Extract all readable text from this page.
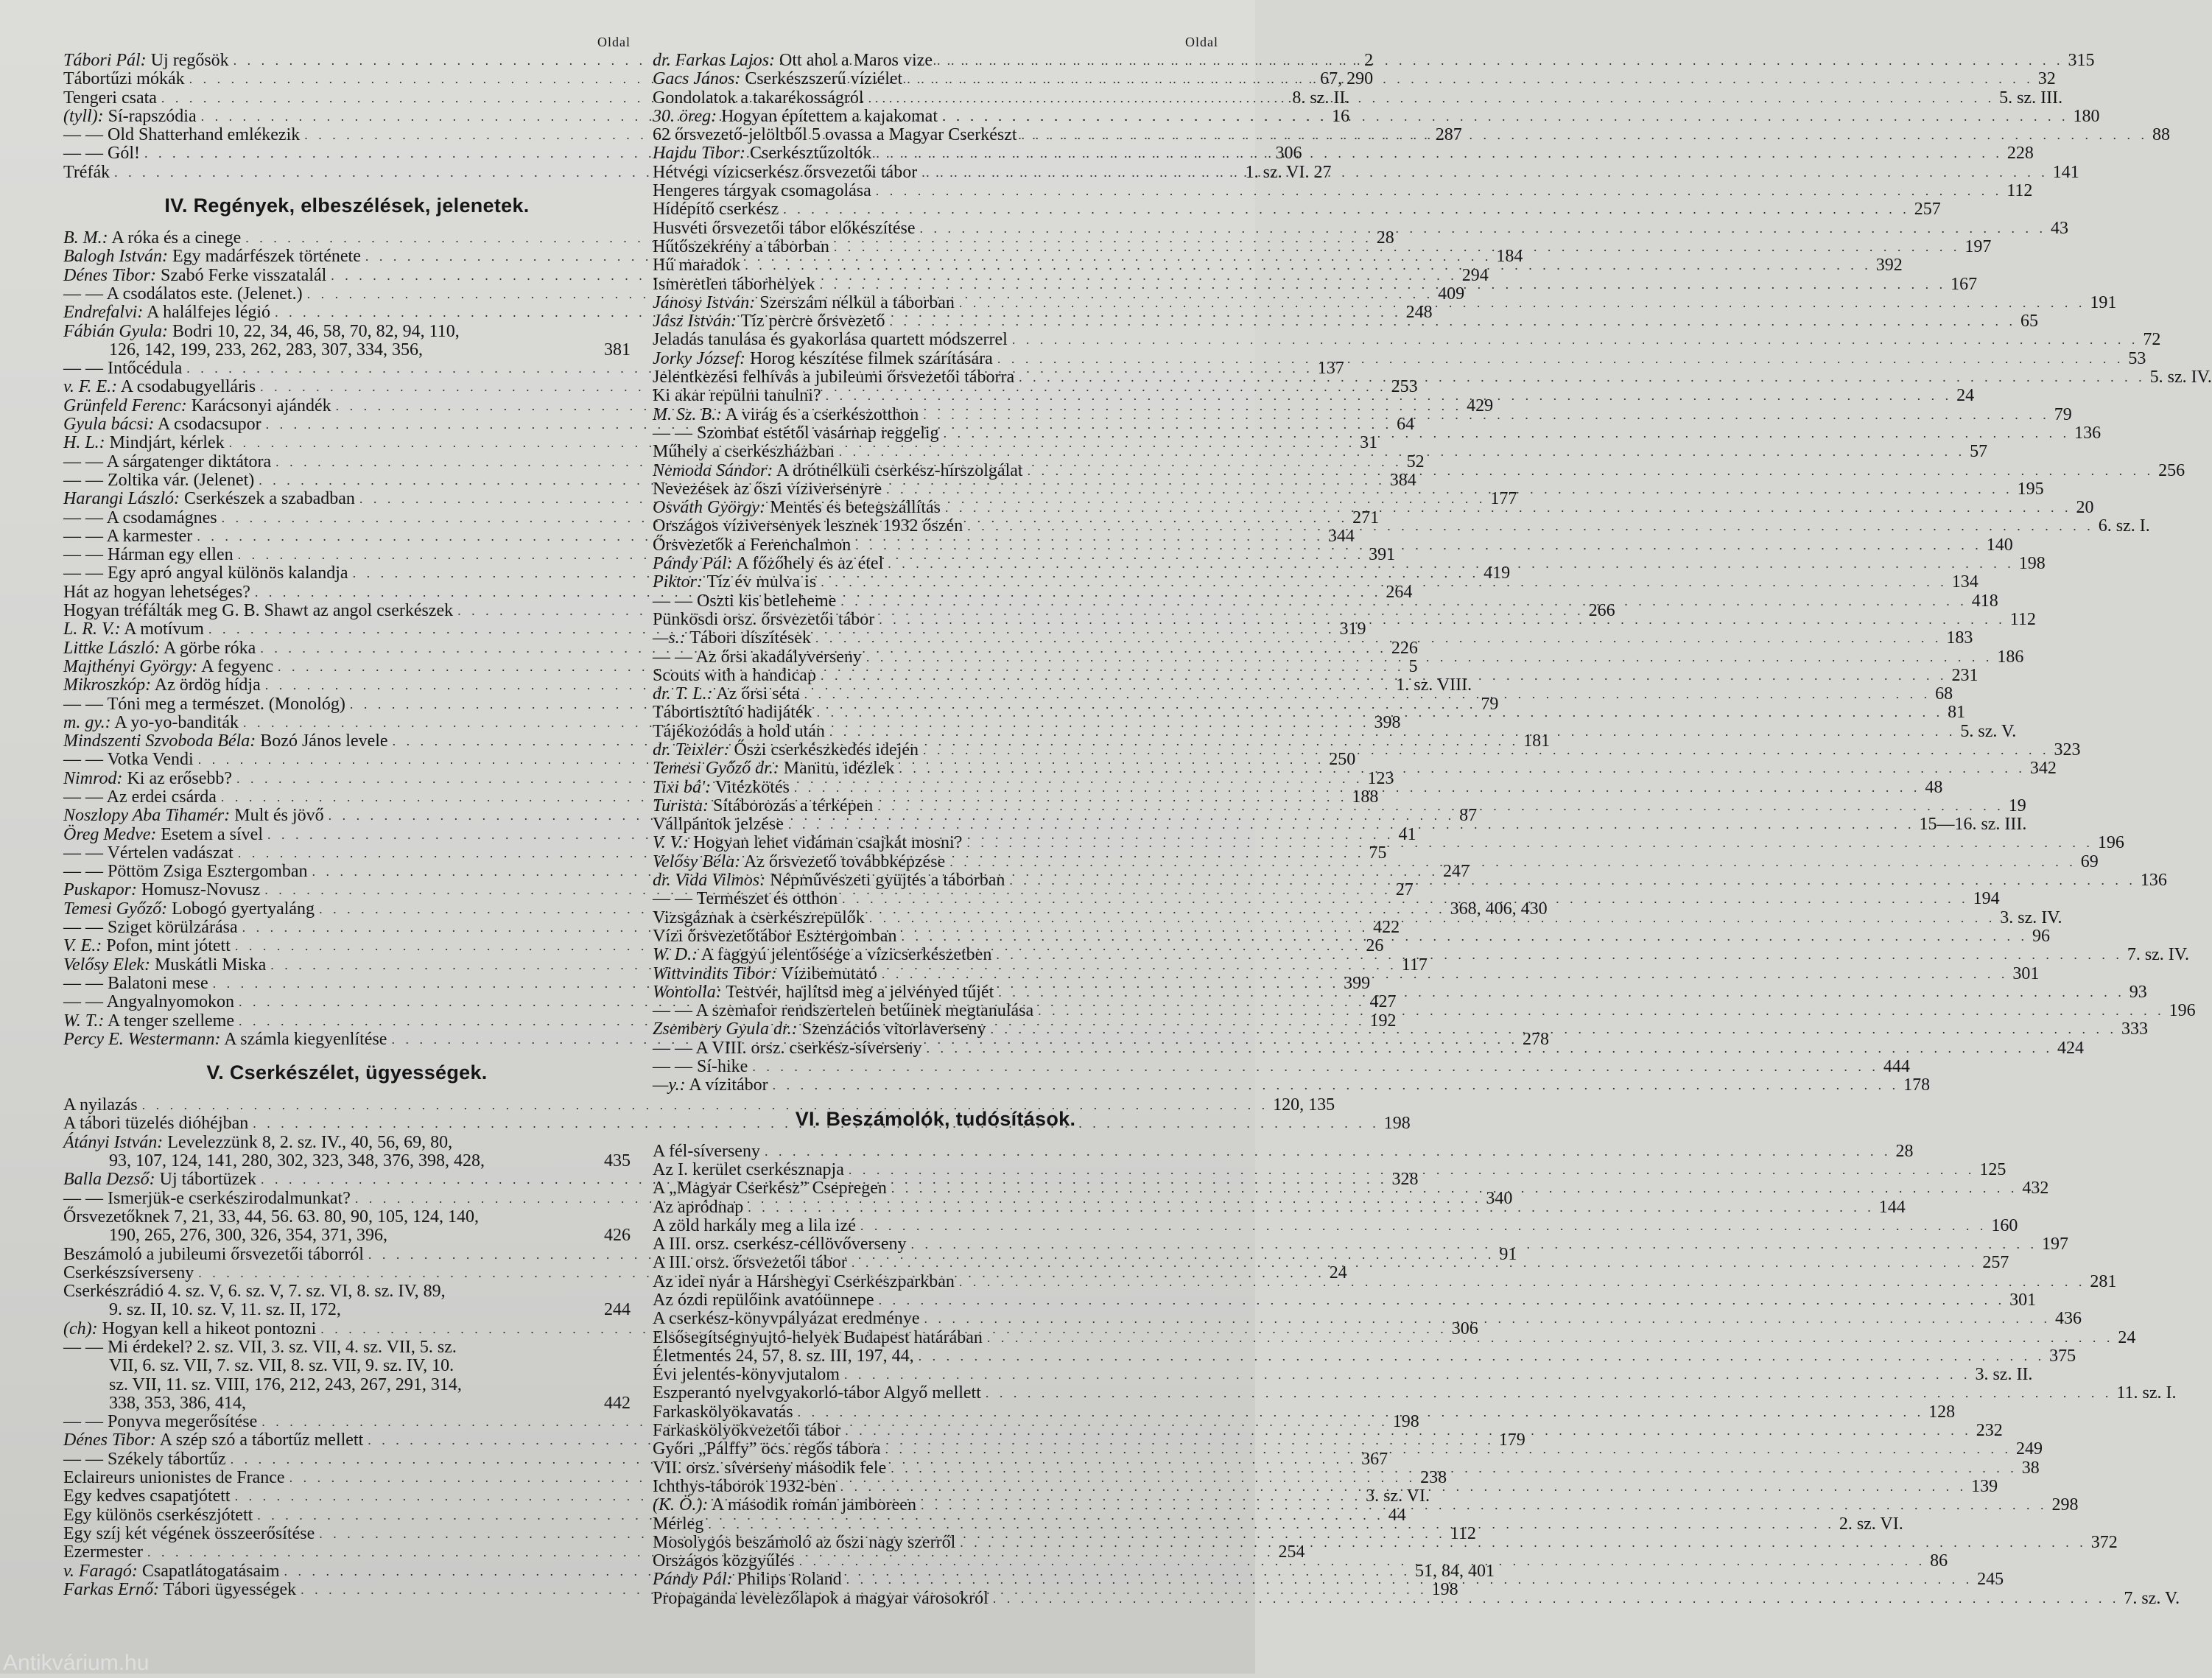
Oldal
Tábori Pál: Uj regősök . . .	2
Tábortűzi mókák . . .	67, 290
Tengeri csata . . .	8. sz. II.
(tyll): Sí-rapszódia . . .	16
— — Old Shatterhand emlékezik . . .	287
— — Gól! . . .	306
Tréfák . . .	1. sz. VI. 27
IV. Regények, elbeszélések, jelenetek.
B. M.: A róka és a cinege . . .	28
Balogh István: Egy madárfészek története . . .	184
Dénes Tibor: Szabó Ferke visszatalál . . .	294
— — A csodálatos este. (Jelenet.) . . .	409
Endrefalvi: A halálfejes légió . . .	248
Fábián Gyula: Bodri 10, 22, 34, 46, 58, 70, 82, 94, 110,
126, 142, 199, 233, 262, 283, 307, 334, 356,	381
— — Intőcédula . . .	137
v. F. E.: A csodabugyelláris . . .	253
Grünfeld Ferenc: Karácsonyi ajándék . . .	429
Gyula bácsi: A csodacsupor . . .	64
H. L.: Mindjárt, kérlek . . .	31
— — A sárgatenger diktátora . . .	52
— — Zoltika vár. (Jelenet) . . .	384
Harangi László: Cserkészek a szabadban . . .	177
— — A csodamágnes . . .	271
— — A karmester . . .	344
— — Hárman egy ellen . . .	391
— — Egy apró angyal különös kalandja . . .	419
Hát az hogyan lehetséges? . . .	264
Hogyan tréfálták meg G. B. Shawt az angol cserkészek . . .	266
L. R. V.: A motívum . . .	319
Littke László: A görbe róka . . .	226
Majthényi György: A fegyenc . . .	5
Mikroszkóp: Az ördög hídja . . .	1. sz. VIII.
— — Tóni meg a természet. (Monológ) . . .	79
m. gy.: A yo-yo-banditák . . .	398
Mindszenti Szvoboda Béla: Bozó János levele . . .	181
— — Votka Vendi . . .	250
Nimrod: Ki az erősebb? . . .	123
— — Az erdei csárda . . .	188
Noszlopy Aba Tihamér: Mult és jövő . . .	87
Öreg Medve: Esetem a sível . . .	41
— — Vértelen vadászat . . .	75
— — Pöttöm Zsiga Esztergomban . . .	247
Puskapor: Homusz-Novusz . . .	27
Temesi Győző: Lobogó gyertyaláng . . .	368, 406, 430
— — Sziget körülzárása . . .	422
V. E.: Pofon, mint jótett . . .	26
Velősy Elek: Muskátli Miska . . .	117
— — Balatoni mese . . .	399
— — Angyalnyomokon . . .	427
W. T.: A tenger szelleme . . .	192
Percy E. Westermann: A számla kiegyenlítése . . .	278
V. Cserkészélet, ügyességek.
A nyilazás . . .	120, 135
A tábori tüzelés dióhéjban . . .	198
Átányi István: Levelezzünk 8, 2. sz. IV., 40, 56, 69, 80,
93, 107, 124, 141, 280, 302, 323, 348, 376, 398, 428,	435
Balla Dezső: Uj tábortüzek . . .	328
— — Ismerjük-e cserkészirodalmunkat? . . .	340
Őrsvezetőknek 7, 21, 33, 44, 56. 63. 80, 90, 105, 124, 140,
190, 265, 276, 300, 326, 354, 371, 396,	426
Beszámoló a jubileumi őrsvezetői táborról . . .	91
Cserkészsíverseny . . .	24
Cserkészrádió 4. sz. V, 6. sz. V, 7. sz. VI, 8. sz. IV, 89,
9. sz. II, 10. sz. V, 11. sz. II, 172,	244
(ch): Hogyan kell a hikeot pontozni . . .	306
— — Mi érdekel? 2. sz. VII, 3. sz. VII, 4. sz. VII, 5. sz.
VII, 6. sz. VII, 7. sz. VII, 8. sz. VII, 9. sz. IV, 10.
sz. VII, 11. sz. VIII, 176, 212, 243, 267, 291, 314,
338, 353, 386, 414,	442
— — Ponyva megerősítése . . .	198
Dénes Tibor: A szép szó a tábortűz mellett . . .	179
— — Székely tábortűz . . .	367
Eclaireurs unionistes de France . . .	238
Egy kedves csapatjótett . . .	3. sz. VI.
Egy különös cserkészjótett . . .	44
Egy szíj két végének összeerősítése . . .	112
Ezermester . . .	254
v. Faragó: Csapatlátogatásaim . . .	51, 84, 401
Farkas Ernő: Tábori ügyességek . . .	198
Oldal
dr. Farkas Lajos: Ott ahol a Maros vize . . .	315
Gacs János: Cserkészszerű víziélet . . .	32
Gondolatok a takarékosságról . . .	5. sz. III.
30. öreg: Hogyan építettem a kajakomat . . .	180
62 őrsvezető-jelöltből 5 ovassa a Magyar Cserkészt . . .	88
Hajdu Tibor: Cserkésztűzoltók . . .	228
Hétvégi vízicserkész őrsvezetői tábor . . .	141
Hengeres tárgyak csomagolása . . .	112
Hídépítő cserkész . . .	257
Husvéti őrsvezetői tábor előkészítése . . .	43
Hűtőszekrény a táborban . . .	197
Hű maradok . . .	392
Ismeretlen táborhelyek . . .	167
Jánosy István: Szerszám nélkül a táborban . . .	191
Jász István: Tíz percre őrsvezető . . .	65
Jeladás tanulása és gyakorlása quartett módszerrel . . .	72
Jorky József: Horog készítése filmek szárítására . . .	53
Jelentkezési felhívás a jubileumi őrsvezetői táborra . . .	5. sz. IV.
Ki akar repülni tanulni? . . .	24
M. Sz. B.: A virág és a cserkészotthon . . .	79
— — Szombat estétől vasárnap reggelig . . .	136
Műhely a cserkészházban . . .	57
Nemoda Sándor: A drótnélküli cserkész-hírszolgálat . . .	256
Nevezések az őszi víziversenyre . . .	195
Osváth György: Mentés és betegszállítás . . .	20
Országos víziversenyek lesznek 1932 őszén . . .	6. sz. I.
Őrsvezetők a Ferenchalmon . . .	140
Pándy Pál: A főzőhely és az étel . . .	198
Piktor: Tíz év mulva is . . .	134
— — Oszti kis betleheme . . .	418
Pünkösdi orsz. őrsvezetői tábor . . .	112
—s.: Tábori díszítések . . .	183
— — Az őrsi akadályverseny . . .	186
Scouts with a handicap . . .	231
dr. T. L.: Az őrsi séta . . .	68
Tábortisztító hadijáték . . .	81
Tájékozódás a hold után . . .	5. sz. V.
dr. Teixler: Őszi cserkészkedés idején . . .	323
Temesi Győző dr.: Manitu, idézlek . . .	342
Tixi bá': Vitézkötés . . .	48
Turista: Sítáborozás a térképen . . .	19
Vállpántok jelzése . . .	15—16. sz. III.
V. V.: Hogyan lehet vidáman csajkát mosni? . . .	196
Velősy Béla: Az őrsvezető továbbképzése . . .	69
dr. Vida Vilmos: Népművészeti gyüjtés a táborban . . .	136
— — Természet és otthon . . .	194
Vizsgáznak a cserkészrepülők . . .	3. sz. IV.
Vízi őrsvezetőtábor Esztergomban . . .	96
W. D.: A faggyú jelentősége a vízicserkészetben . . .	7. sz. IV.
Wittvindits Tibor: Vízibemutató . . .	301
Wontolla: Testvér, hajlítsd meg a jelvényed tűjét . . .	93
— — A szemafor rendszertelen betűinek megtanulása . . .	196
Zsembery Gyula dr.: Szenzációs vitorlaverseny . . .	333
— — A VIII. orsz. cserkész-síverseny . . .	424
— — Sí-hike . . .	444
—y.: A vízitábor . . .	178
VI. Beszámolók, tudósítások.
A fél-síverseny . . .	28
Az I. kerület cserkésznapja . . .	125
A „Magyar Cserkész” Csepregen . . .	432
Az apródnap . . .	144
A zöld harkály meg a lila izé . . .	160
A III. orsz. cserkész-céllövőverseny . . .	197
A III. orsz. őrsvezetői tábor . . .	257
Az idei nyár a Hárshegyi Cserkészparkban . . .	281
Az ózdi repülőink avatóünnepe . . .	301
A cserkész-könyvpályázat eredménye . . .	436
Elsősegítségnyujtó-helyek Budapest határában . . .	24
Életmentés 24, 57, 8. sz. III, 197, 44, . . .	375
Évi jelentés-könyvjutalom . . .	3. sz. II.
Eszperantó nyelvgyakorló-tábor Algyő mellett . . .	11. sz. I.
Farkaskölyökavatás . . .	128
Farkaskölyökvezetői tábor . . .	232
Győri „Pálffy” öcs. regős tábora . . .	249
VII. orsz. síverseny második fele . . .	38
Ichthys-táborok 1932-ben . . .	139
(K. Ö.): A második román jamboreen . . .	298
Mérleg . . .	2. sz. VI.
Mosolygós beszámoló az őszi nagy szerről . . .	372
Országos közgyűlés . . .	86
Pándy Pál: Philips Roland . . .	245
Propaganda levelezőlapok a magyar városokról . . .	7. sz. V.
Antikvárium.hu
